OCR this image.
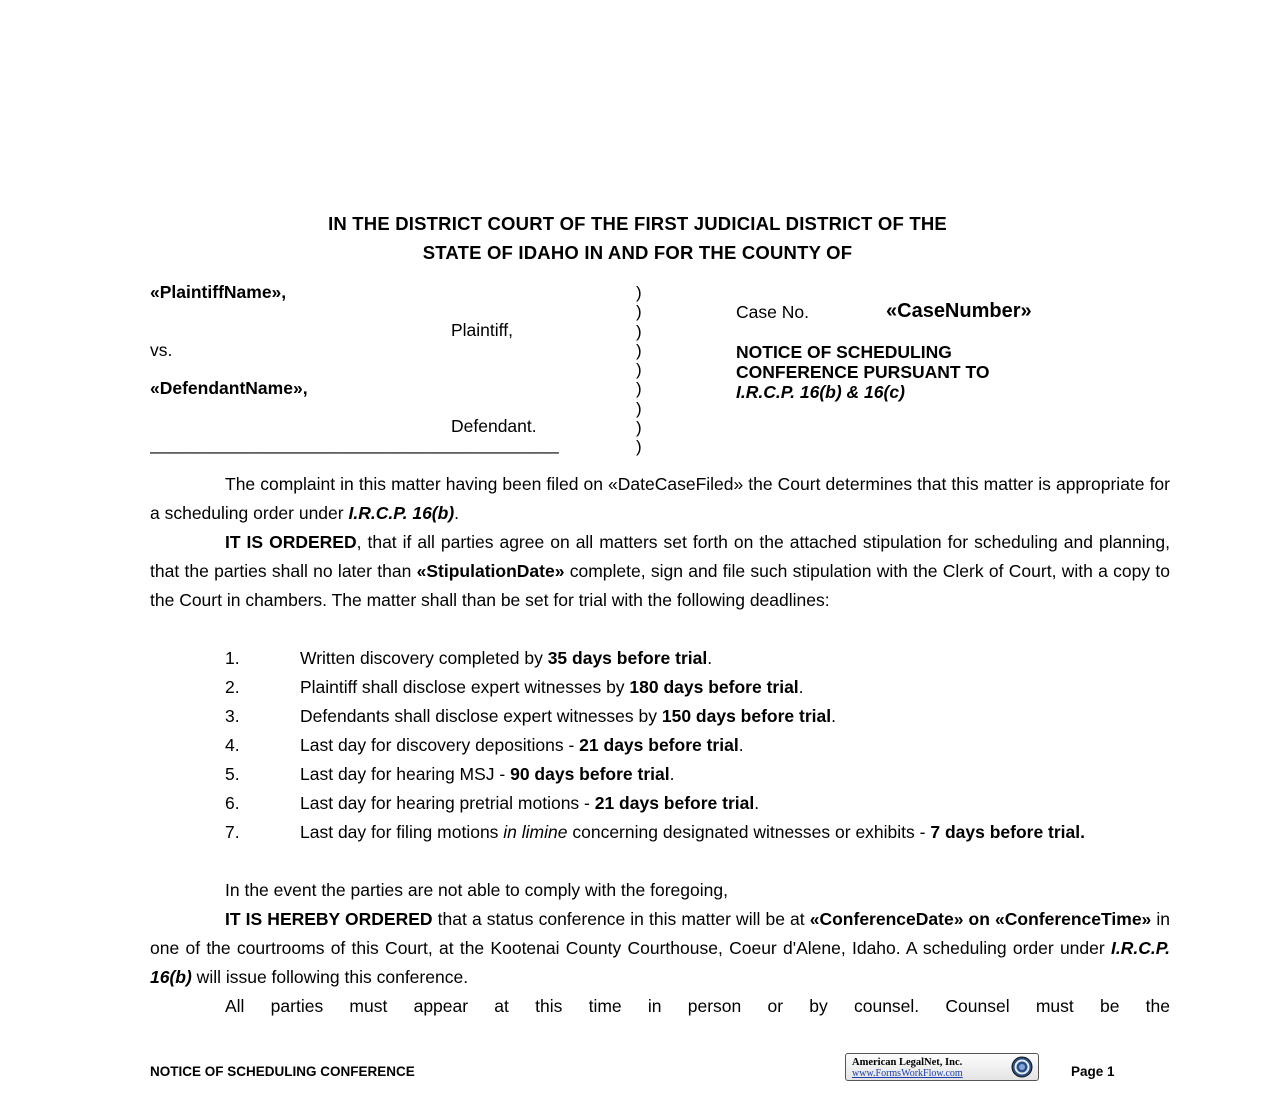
IN THE DISTRICT COURT OF THE FIRST JUDICIAL DISTRICT OF THE
STATE OF IDAHO IN AND FOR THE COUNTY OF
«PlaintiffName»,
Plaintiff,
vs.
«DefendantName»,
Defendant.
__________________________________________
)
)
)
)
)
)
)
)
)
Case No.	«CaseNumber»
NOTICE OF SCHEDULING
CONFERENCE PURSUANT TO
I.R.C.P. 16(b) & 16(c)

The complaint in this matter having been filed on «DateCaseFiled» the Court determines that this matter is appropriate for a scheduling order under I.R.C.P. 16(b).

IT IS ORDERED, that if all parties agree on all matters set forth on the attached stipulation for scheduling and planning, that the parties shall no later than «StipulationDate» complete, sign and file such stipulation with the Clerk of Court, with a copy to the Court in chambers. The matter shall than be set for trial with the following deadlines:

1.	Written discovery completed by 35 days before trial.
2.	Plaintiff shall disclose expert witnesses by 180 days before trial.
3.	Defendants shall disclose expert witnesses by 150 days before trial.
4.	Last day for discovery depositions - 21 days before trial.
5.	Last day for hearing MSJ - 90 days before trial.
6.	Last day for hearing pretrial motions - 21 days before trial.
7.	Last day for filing motions in limine concerning designated witnesses or exhibits - 7 days before trial.

In the event the parties are not able to comply with the foregoing,

IT IS HEREBY ORDERED that a status conference in this matter will be at «ConferenceDate» on «ConferenceTime» in one of the courtrooms of this Court, at the Kootenai County Courthouse, Coeur d'Alene, Idaho. A scheduling order under I.R.C.P. 16(b) will issue following this conference.

All parties must appear at this time in person or by counsel. Counsel must be the

NOTICE OF SCHEDULING CONFERENCE
American LegalNet, Inc.
www.FormsWorkFlow.com	Page 1
